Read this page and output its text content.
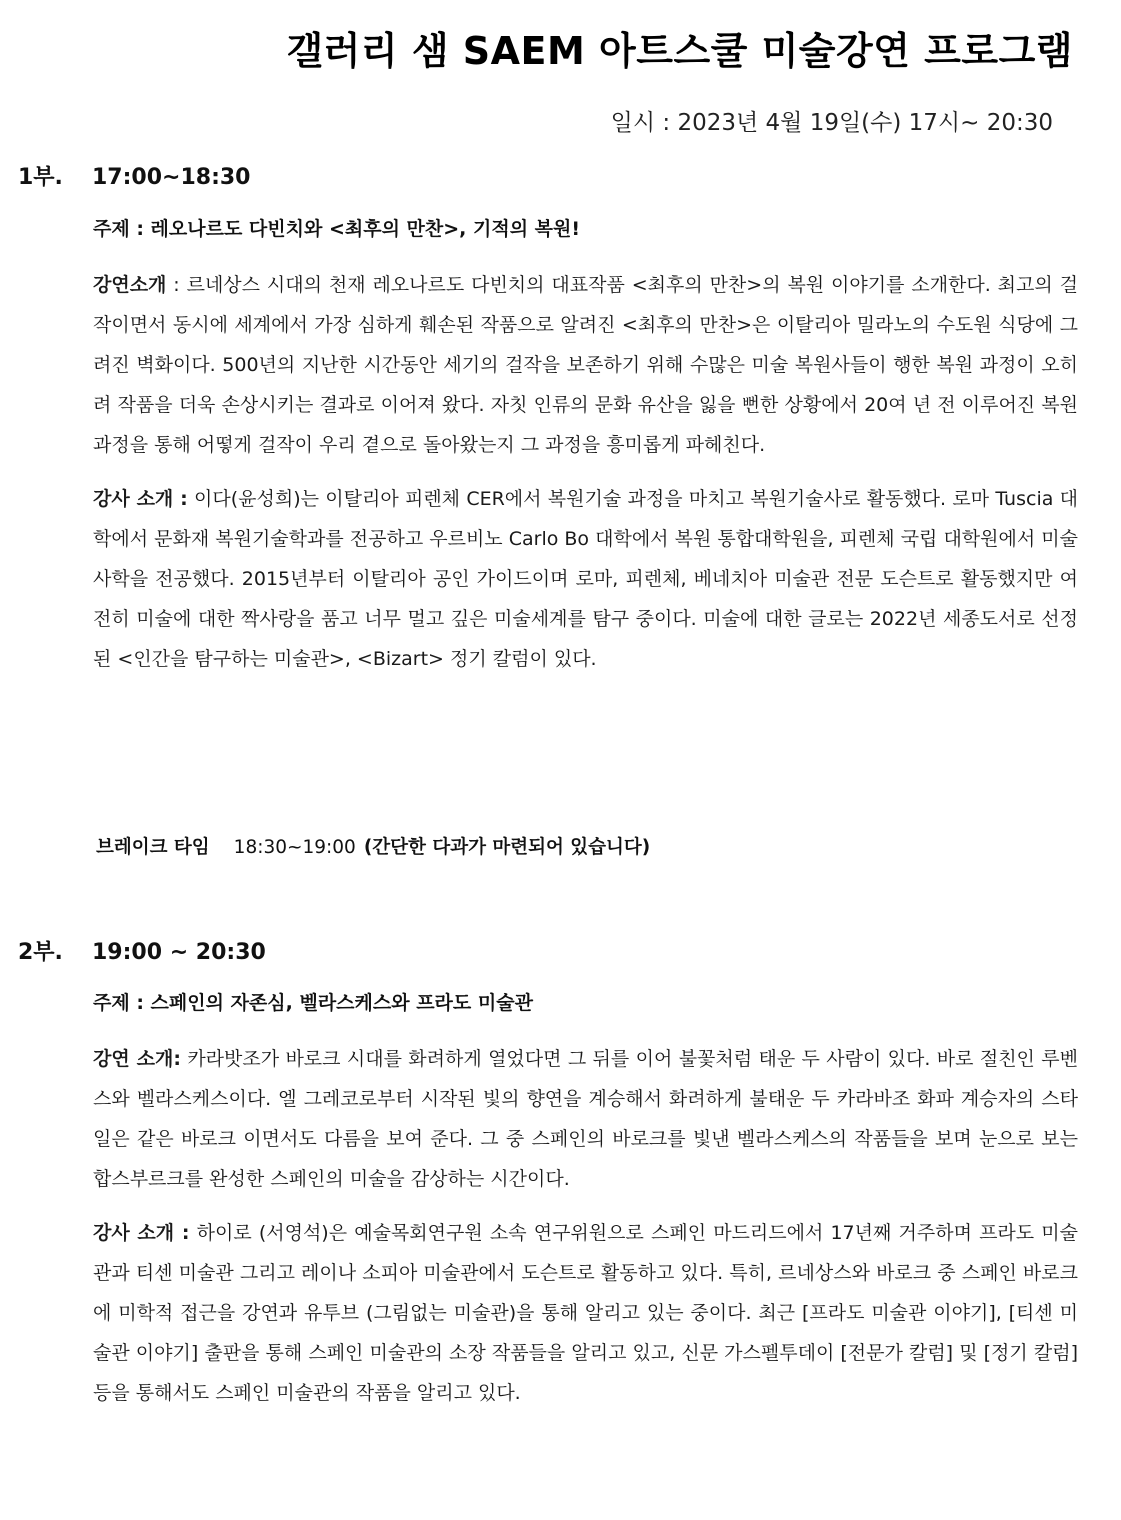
갤러리 샘 SAEM 아트스쿨 미술강연 프로그램

일시 : 2023년 4월 19일(수) 17시~ 20:30

1부. 17:00~18:30

주제 : 레오나르도 다빈치와 <최후의 만찬>, 기적의 복원!

강연소개 : 르네상스 시대의 천재 레오나르도 다빈치의 대표작품 <최후의 만찬>의 복원 이야기를 소개한다. 최고의 걸작이면서 동시에 세계에서 가장 심하게 훼손된 작품으로 알려진 <최후의 만찬>은 이탈리아 밀라노의 수도원 식당에 그려진 벽화이다. 500년의 지난한 시간동안 세기의 걸작을 보존하기 위해 수많은 미술 복원사들이 행한 복원 과정이 오히려 작품을 더욱 손상시키는 결과로 이어져 왔다. 자칫 인류의 문화 유산을 잃을 뻔한 상황에서 20여 년 전 이루어진 복원 과정을 통해 어떻게 걸작이 우리 곁으로 돌아왔는지 그 과정을 흥미롭게 파헤친다.

강사 소개 : 이다(윤성희)는 이탈리아 피렌체 CER에서 복원기술 과정을 마치고 복원기술사로 활동했다. 로마 Tuscia 대학에서 문화재 복원기술학과를 전공하고 우르비노 Carlo Bo 대학에서 복원 통합대학원을, 피렌체 국립 대학원에서 미술사학을 전공했다. 2015년부터 이탈리아 공인 가이드이며 로마, 피렌체, 베네치아 미술관 전문 도슨트로 활동했지만 여전히 미술에 대한 짝사랑을 품고 너무 멀고 깊은 미술세계를 탐구 중이다. 미술에 대한 글로는 2022년 세종도서로 선정된 <인간을 탐구하는 미술관>, <Bizart> 정기 칼럼이 있다.

브레이크 타임 18:30~19:00 (간단한 다과가 마련되어 있습니다)

2부. 19:00 ~ 20:30

주제 : 스페인의 자존심, 벨라스케스와 프라도 미술관

강연 소개: 카라밧조가 바로크 시대를 화려하게 열었다면 그 뒤를 이어 불꽃처럼 태운 두 사람이 있다. 바로 절친인 루벤스와 벨라스케스이다. 엘 그레코로부터 시작된 빛의 향연을 계승해서 화려하게 불태운 두 카라바조 화파 계승자의 스타일은 같은 바로크 이면서도 다름을 보여 준다. 그 중 스페인의 바로크를 빛낸 벨라스케스의 작품들을 보며 눈으로 보는 합스부르크를 완성한 스페인의 미술을 감상하는 시간이다.

강사 소개 : 하이로 (서영석)은 예술목회연구원 소속 연구위원으로 스페인 마드리드에서 17년째 거주하며 프라도 미술관과 티센 미술관 그리고 레이나 소피아 미술관에서 도슨트로 활동하고 있다. 특히, 르네상스와 바로크 중 스페인 바로크에 미학적 접근을 강연과 유투브 (그림없는 미술관)을 통해 알리고 있는 중이다. 최근 [프라도 미술관 이야기], [티센 미술관 이야기] 출판을 통해 스페인 미술관의 소장 작품들을 알리고 있고, 신문 가스펠투데이 [전문가 칼럼] 및 [정기 칼럼] 등을 통해서도 스페인 미술관의 작품을 알리고 있다.
